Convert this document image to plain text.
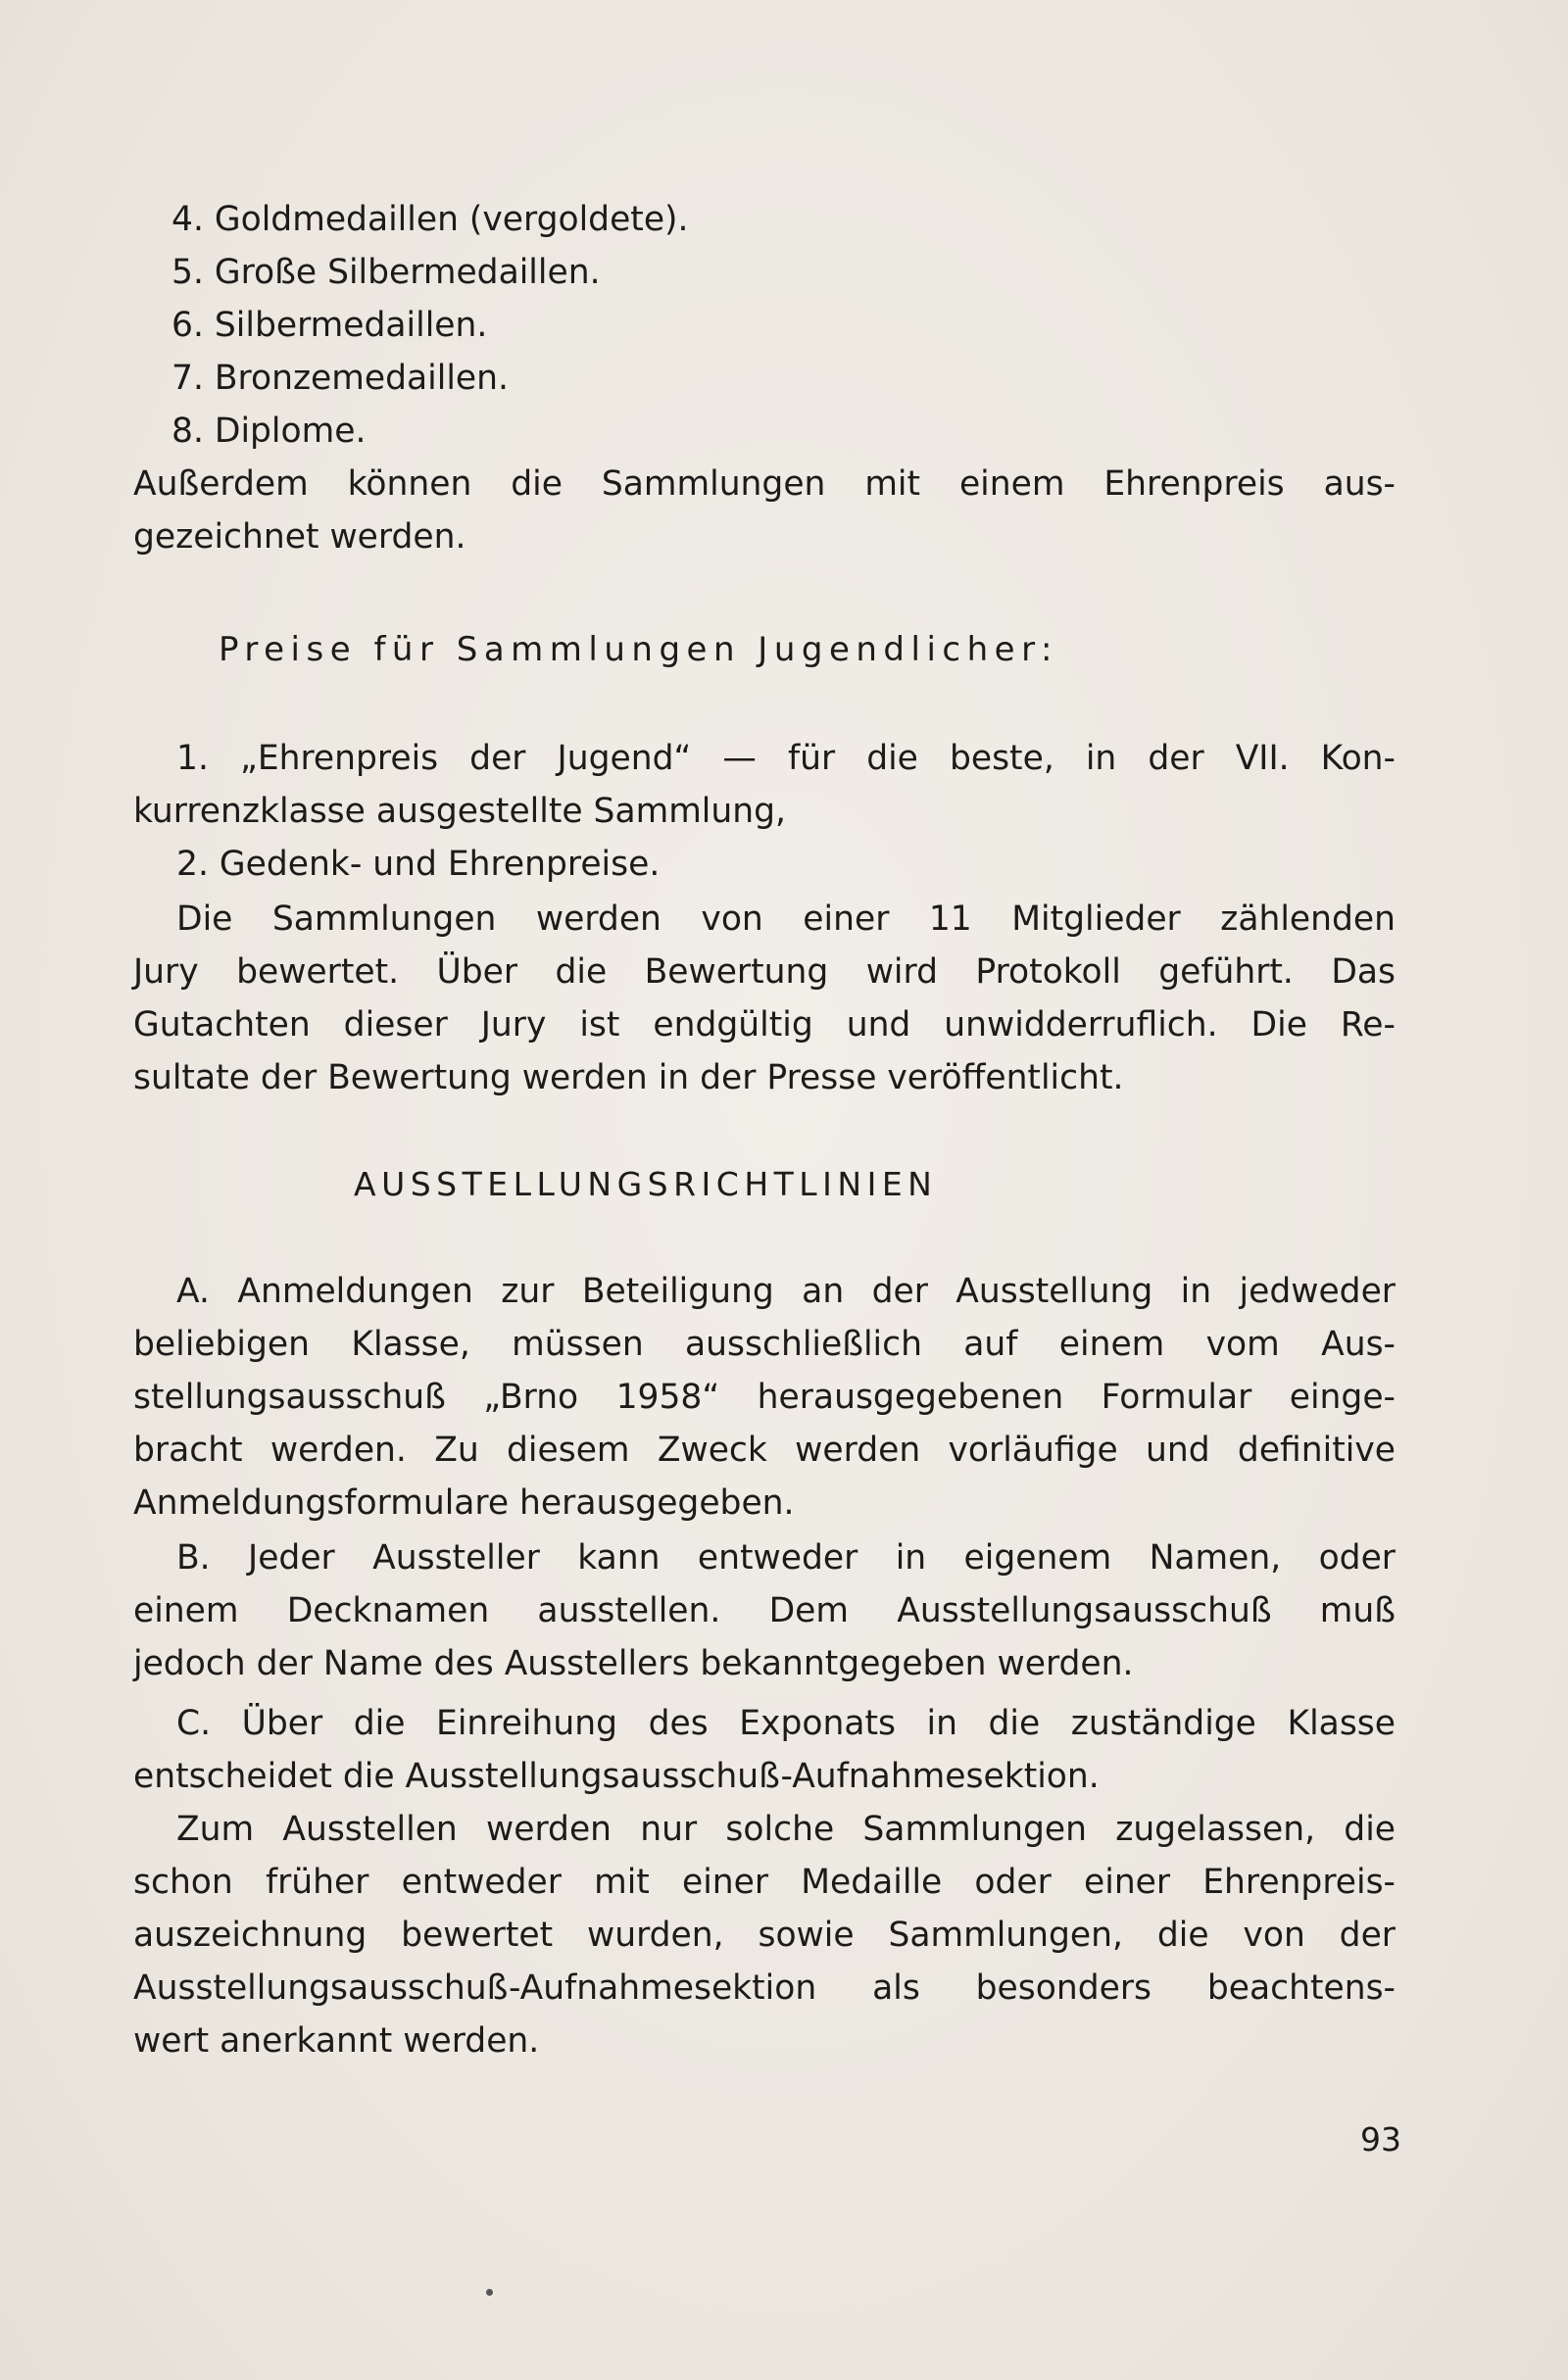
4. Goldmedaillen (vergoldete).
5. Große Silbermedaillen.
6. Silbermedaillen.
7. Bronzemedaillen.
8. Diplome.
Außerdem können die Sammlungen mit einem Ehrenpreis aus-
gezeichnet werden.
Preise für Sammlungen Jugendlicher:
1. „Ehrenpreis der Jugend“ — für die beste, in der VII. Kon-
kurrenzklasse ausgestellte Sammlung,
2. Gedenk- und Ehrenpreise.
Die Sammlungen werden von einer 11 Mitglieder zählenden
Jury bewertet. Über die Bewertung wird Protokoll geführt. Das
Gutachten dieser Jury ist endgültig und unwidderruflich. Die Re-
sultate der Bewertung werden in der Presse veröffentlicht.
AUSSTELLUNGSRICHTLINIEN
A. Anmeldungen zur Beteiligung an der Ausstellung in jedweder
beliebigen Klasse, müssen ausschließlich auf einem vom Aus-
stellungsausschuß „Brno 1958“ herausgegebenen Formular einge-
bracht werden. Zu diesem Zweck werden vorläufige und definitive
Anmeldungsformulare herausgegeben.
B. Jeder Aussteller kann entweder in eigenem Namen, oder
einem Decknamen ausstellen. Dem Ausstellungsausschuß muß
jedoch der Name des Ausstellers bekanntgegeben werden.
C. Über die Einreihung des Exponats in die zuständige Klasse
entscheidet die Ausstellungsausschuß-Aufnahmesektion.
Zum Ausstellen werden nur solche Sammlungen zugelassen, die
schon früher entweder mit einer Medaille oder einer Ehrenpreis-
auszeichnung bewertet wurden, sowie Sammlungen, die von der
Ausstellungsausschuß-Aufnahmesektion als besonders beachtens-
wert anerkannt werden.
93
